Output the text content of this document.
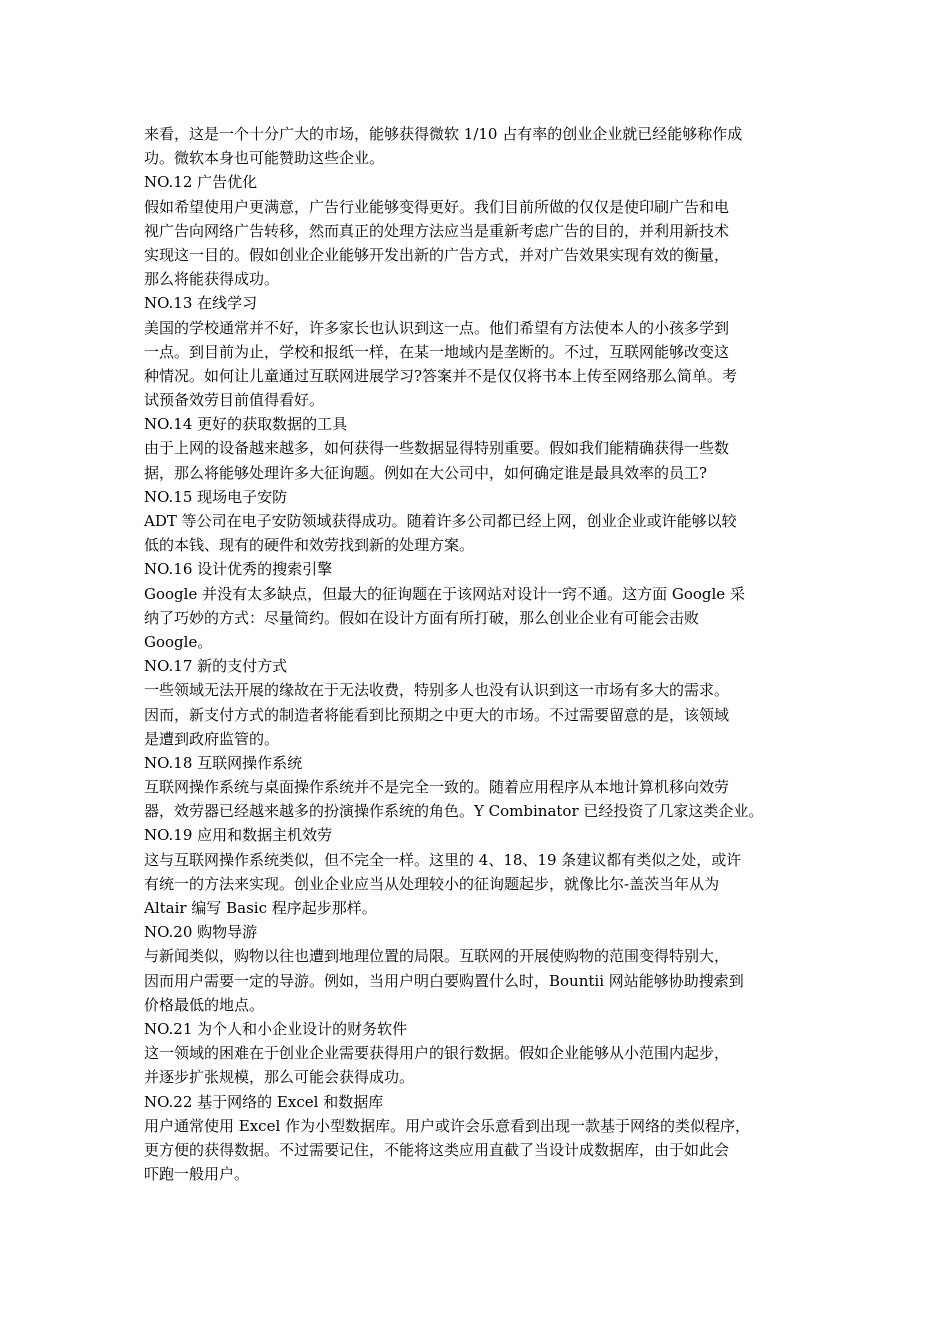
来看，这是一个十分广大的市场，能够获得微软 1/10 占有率的创业企业就已经能够称作成
功。微软本身也可能赞助这些企业。
NO.12 广告优化
假如希望使用户更满意，广告行业能够变得更好。我们目前所做的仅仅是使印刷广告和电
视广告向网络广告转移，然而真正的处理方法应当是重新考虑广告的目的，并利用新技术
实现这一目的。假如创业企业能够开发出新的广告方式，并对广告效果实现有效的衡量，
那么将能获得成功。
NO.13 在线学习
美国的学校通常并不好，许多家长也认识到这一点。他们希望有方法使本人的小孩多学到
一点。到目前为止，学校和报纸一样，在某一地域内是垄断的。不过，互联网能够改变这
种情况。如何让儿童通过互联网进展学习?答案并不是仅仅将书本上传至网络那么简单。考
试预备效劳目前值得看好。
NO.14 更好的获取数据的工具
由于上网的设备越来越多，如何获得一些数据显得特别重要。假如我们能精确获得一些数
据，那么将能够处理许多大征询题。例如在大公司中，如何确定谁是最具效率的员工?
NO.15 现场电子安防
ADT 等公司在电子安防领域获得成功。随着许多公司都已经上网，创业企业或许能够以较
低的本钱、现有的硬件和效劳找到新的处理方案。
NO.16 设计优秀的搜索引擎
Google 并没有太多缺点，但最大的征询题在于该网站对设计一窍不通。这方面 Google 采
纳了巧妙的方式：尽量简约。假如在设计方面有所打破，那么创业企业有可能会击败
Google。
NO.17 新的支付方式
一些领域无法开展的缘故在于无法收费，特别多人也没有认识到这一市场有多大的需求。
因而，新支付方式的制造者将能看到比预期之中更大的市场。不过需要留意的是，该领域
是遭到政府监管的。
NO.18 互联网操作系统
互联网操作系统与桌面操作系统并不是完全一致的。随着应用程序从本地计算机移向效劳
器，效劳器已经越来越多的扮演操作系统的角色。Y Combinator 已经投资了几家这类企业。
NO.19 应用和数据主机效劳
这与互联网操作系统类似，但不完全一样。这里的 4、18、19 条建议都有类似之处，或许
有统一的方法来实现。创业企业应当从处理较小的征询题起步，就像比尔-盖茨当年从为
Altair 编写 Basic 程序起步那样。
NO.20 购物导游
与新闻类似，购物以往也遭到地理位置的局限。互联网的开展使购物的范围变得特别大，
因而用户需要一定的导游。例如，当用户明白要购置什么时，Bountii 网站能够协助搜索到
价格最低的地点。
NO.21 为个人和小企业设计的财务软件
这一领域的困难在于创业企业需要获得用户的银行数据。假如企业能够从小范围内起步，
并逐步扩张规模，那么可能会获得成功。
NO.22 基于网络的 Excel 和数据库
用户通常使用 Excel 作为小型数据库。用户或许会乐意看到出现一款基于网络的类似程序，
更方便的获得数据。不过需要记住，不能将这类应用直截了当设计成数据库，由于如此会
吓跑一般用户。
